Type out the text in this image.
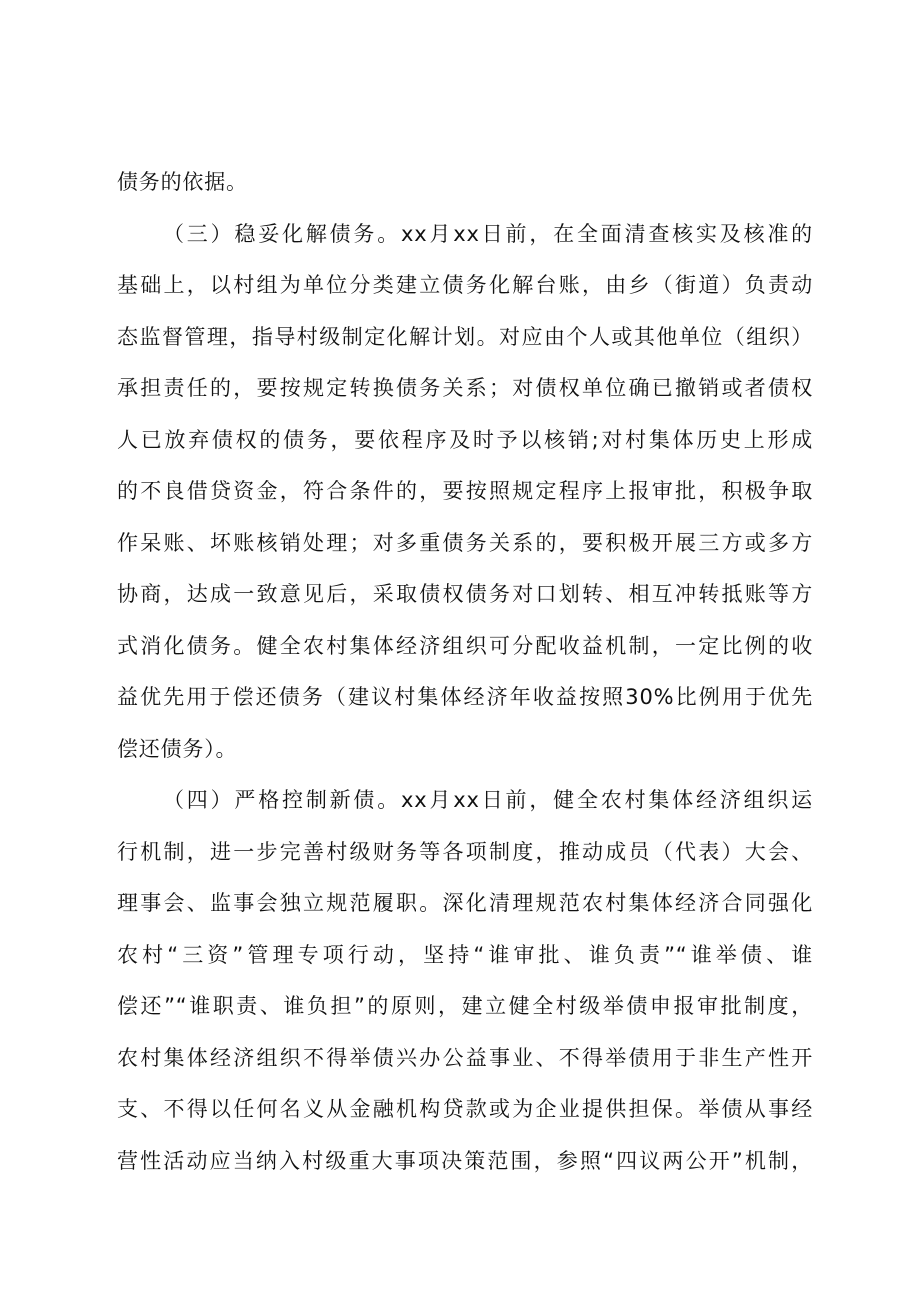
债务的依据。
（三）稳妥化解债务。xx月xx日前，在全面清查核实及核准的
基础上，以村组为单位分类建立债务化解台账，由乡（街道）负责动
态监督管理，指导村级制定化解计划。对应由个人或其他单位（组织）
承担责任的，要按规定转换债务关系；对债权单位确已撤销或者债权
人已放弃债权的债务，要依程序及时予以核销;对村集体历史上形成
的不良借贷资金，符合条件的，要按照规定程序上报审批，积极争取
作呆账、坏账核销处理；对多重债务关系的，要积极开展三方或多方
协商，达成一致意见后，采取债权债务对口划转、相互冲转抵账等方
式消化债务。健全农村集体经济组织可分配收益机制，一定比例的收
益优先用于偿还债务（建议村集体经济年收益按照30%比例用于优先
偿还债务）。
（四）严格控制新债。xx月xx日前，健全农村集体经济组织运
行机制，进一步完善村级财务等各项制度，推动成员（代表）大会、
理事会、监事会独立规范履职。深化清理规范农村集体经济合同强化
农村“三资”管理专项行动，坚持“谁审批、谁负责”“谁举债、谁
偿还”“谁职责、谁负担”的原则，建立健全村级举债申报审批制度，
农村集体经济组织不得举债兴办公益事业、不得举债用于非生产性开
支、不得以任何名义从金融机构贷款或为企业提供担保。举债从事经
营性活动应当纳入村级重大事项决策范围，参照“四议两公开”机制，
